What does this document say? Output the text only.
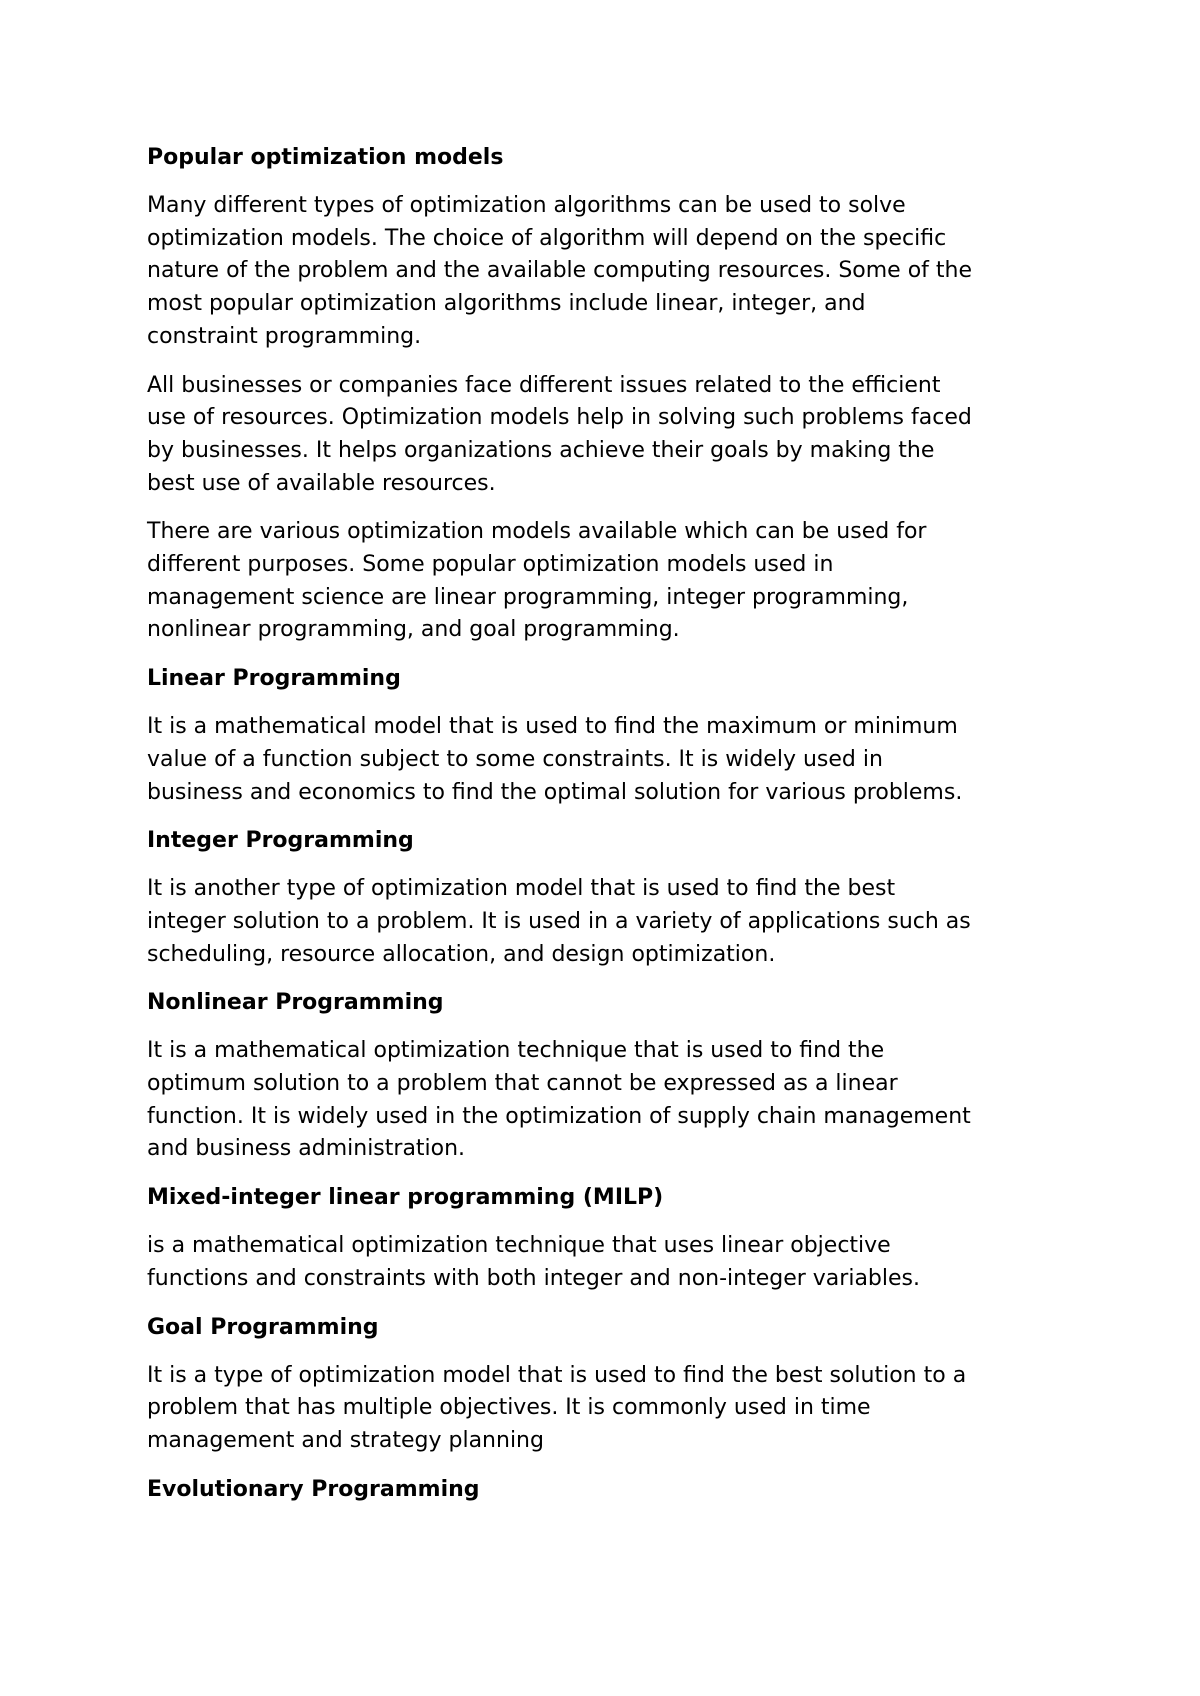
Popular optimization models
Many different types of optimization algorithms can be used to solve
optimization models. The choice of algorithm will depend on the specific
nature of the problem and the available computing resources. Some of the
most popular optimization algorithms include linear, integer, and
constraint programming.
All businesses or companies face different issues related to the efficient
use of resources. Optimization models help in solving such problems faced
by businesses. It helps organizations achieve their goals by making the
best use of available resources.
There are various optimization models available which can be used for
different purposes. Some popular optimization models used in
management science are linear programming, integer programming,
nonlinear programming, and goal programming.
Linear Programming
It is a mathematical model that is used to find the maximum or minimum
value of a function subject to some constraints. It is widely used in
business and economics to find the optimal solution for various problems.
Integer Programming
It is another type of optimization model that is used to find the best
integer solution to a problem. It is used in a variety of applications such as
scheduling, resource allocation, and design optimization.
Nonlinear Programming
It is a mathematical optimization technique that is used to find the
optimum solution to a problem that cannot be expressed as a linear
function. It is widely used in the optimization of supply chain management
and business administration.
Mixed-integer linear programming (MILP)
is a mathematical optimization technique that uses linear objective
functions and constraints with both integer and non-integer variables.
Goal Programming
It is a type of optimization model that is used to find the best solution to a
problem that has multiple objectives. It is commonly used in time
management and strategy planning
Evolutionary Programming
